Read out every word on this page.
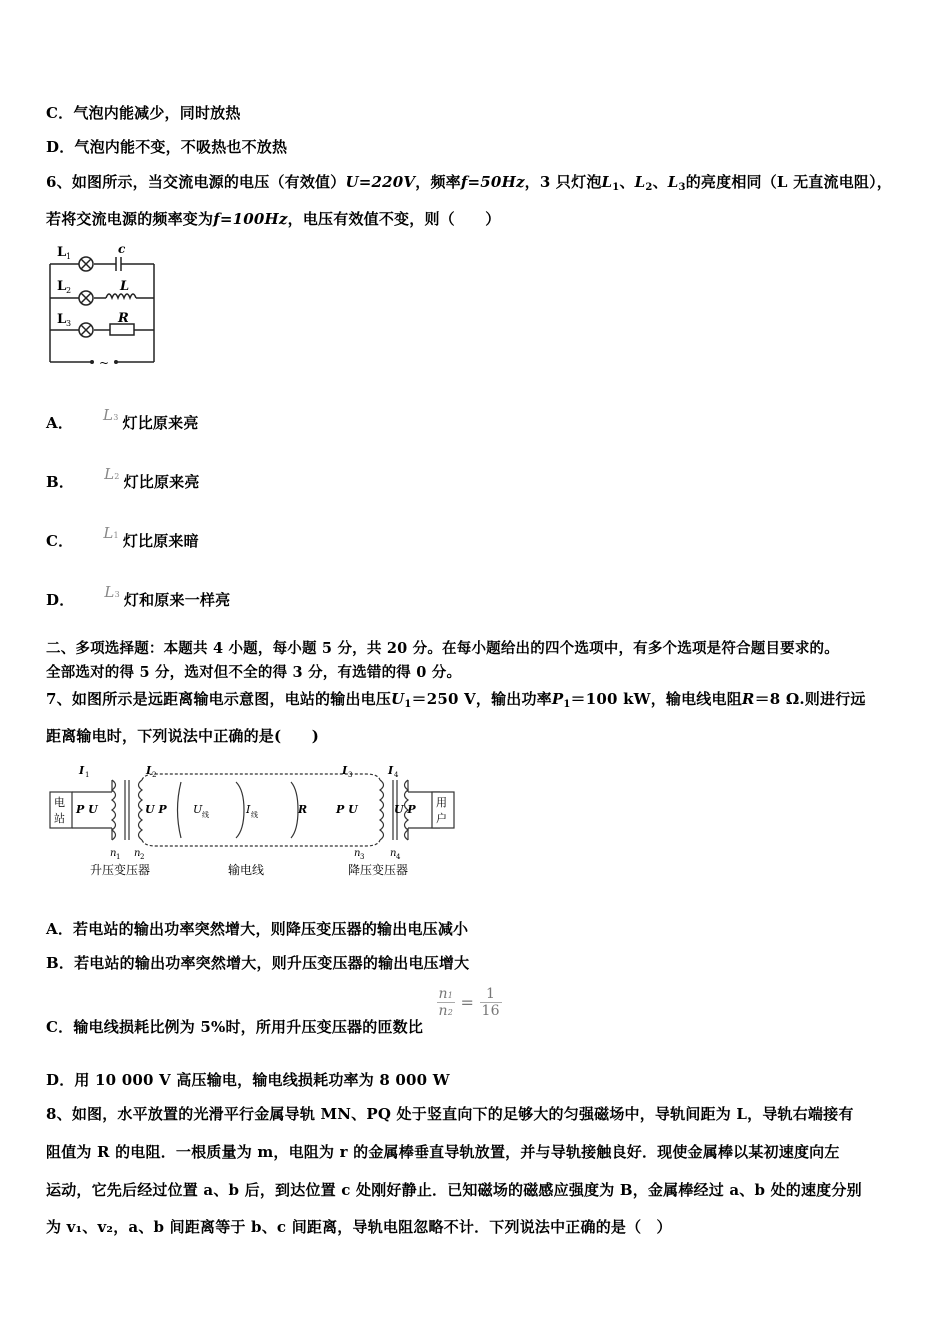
C．气泡内能减少，同时放热
D．气泡内能不变，不吸热也不放热
6、如图所示，当交流电源的电压（有效值）U=220V，频率f=50Hz，3 只灯泡$L_1$、$L_2$、$L_3$的亮度相同（L 无直流电阻），
若将交流电源的频率变为f=100Hz，电压有效值不变，则（　　）
L 1
L 2
L 3
c
L
R
~
A． L3 灯比原来亮
B． L2 灯比原来亮
C． L1 灯比原来暗
D． L3 灯和原来一样亮
二、多项选择题：本题共 4 小题，每小题 5 分，共 20 分。在每小题给出的四个选项中，有多个选项是符合题目要求的。
全部选对的得 5 分，选对但不全的得 3 分，有选错的得 0 分。
7、如图所示是远距离输电示意图，电站的输出电压$U_1=250$ V，输出功率$P_1=100$ kW，输电线电阻R＝8 Ω.则进行远
距离输电时，下列说法中正确的是(　　)
电
站
用
户
I 1	I 2	I 3	I 4
P U	U P U 线	I 线	R	P U	U P
n 1 n 2	n 3	n 4
升压变压器	输电线	降压变压器
A．若电站的输出功率突然增大，则降压变压器的输出电压减小
B．若电站的输出功率突然增大，则升压变压器的输出电压增大
C．输电线损耗比例为 5%时，所用升压变压器的匝数比
$\frac{n1}{n2} = \frac{1}{16}$
D．用 10 000 V 高压输电，输电线损耗功率为 8 000 W
8、如图，水平放置的光滑平行金属导轨 MN、PQ 处于竖直向下的足够大的匀强磁场中，导轨间距为 L，导轨右端接有
阻值为 R 的电阻．一根质量为 m，电阻为 r 的金属棒垂直导轨放置，并与导轨接触良好．现使金属棒以某初速度向左
运动，它先后经过位置 a、b 后，到达位置 c 处刚好静止．已知磁场的磁感应强度为 B，金属棒经过 a、b 处的速度分别
为 v₁、v₂，a、b 间距离等于 b、c 间距离，导轨电阻忽略不计．下列说法中正确的是（　）
